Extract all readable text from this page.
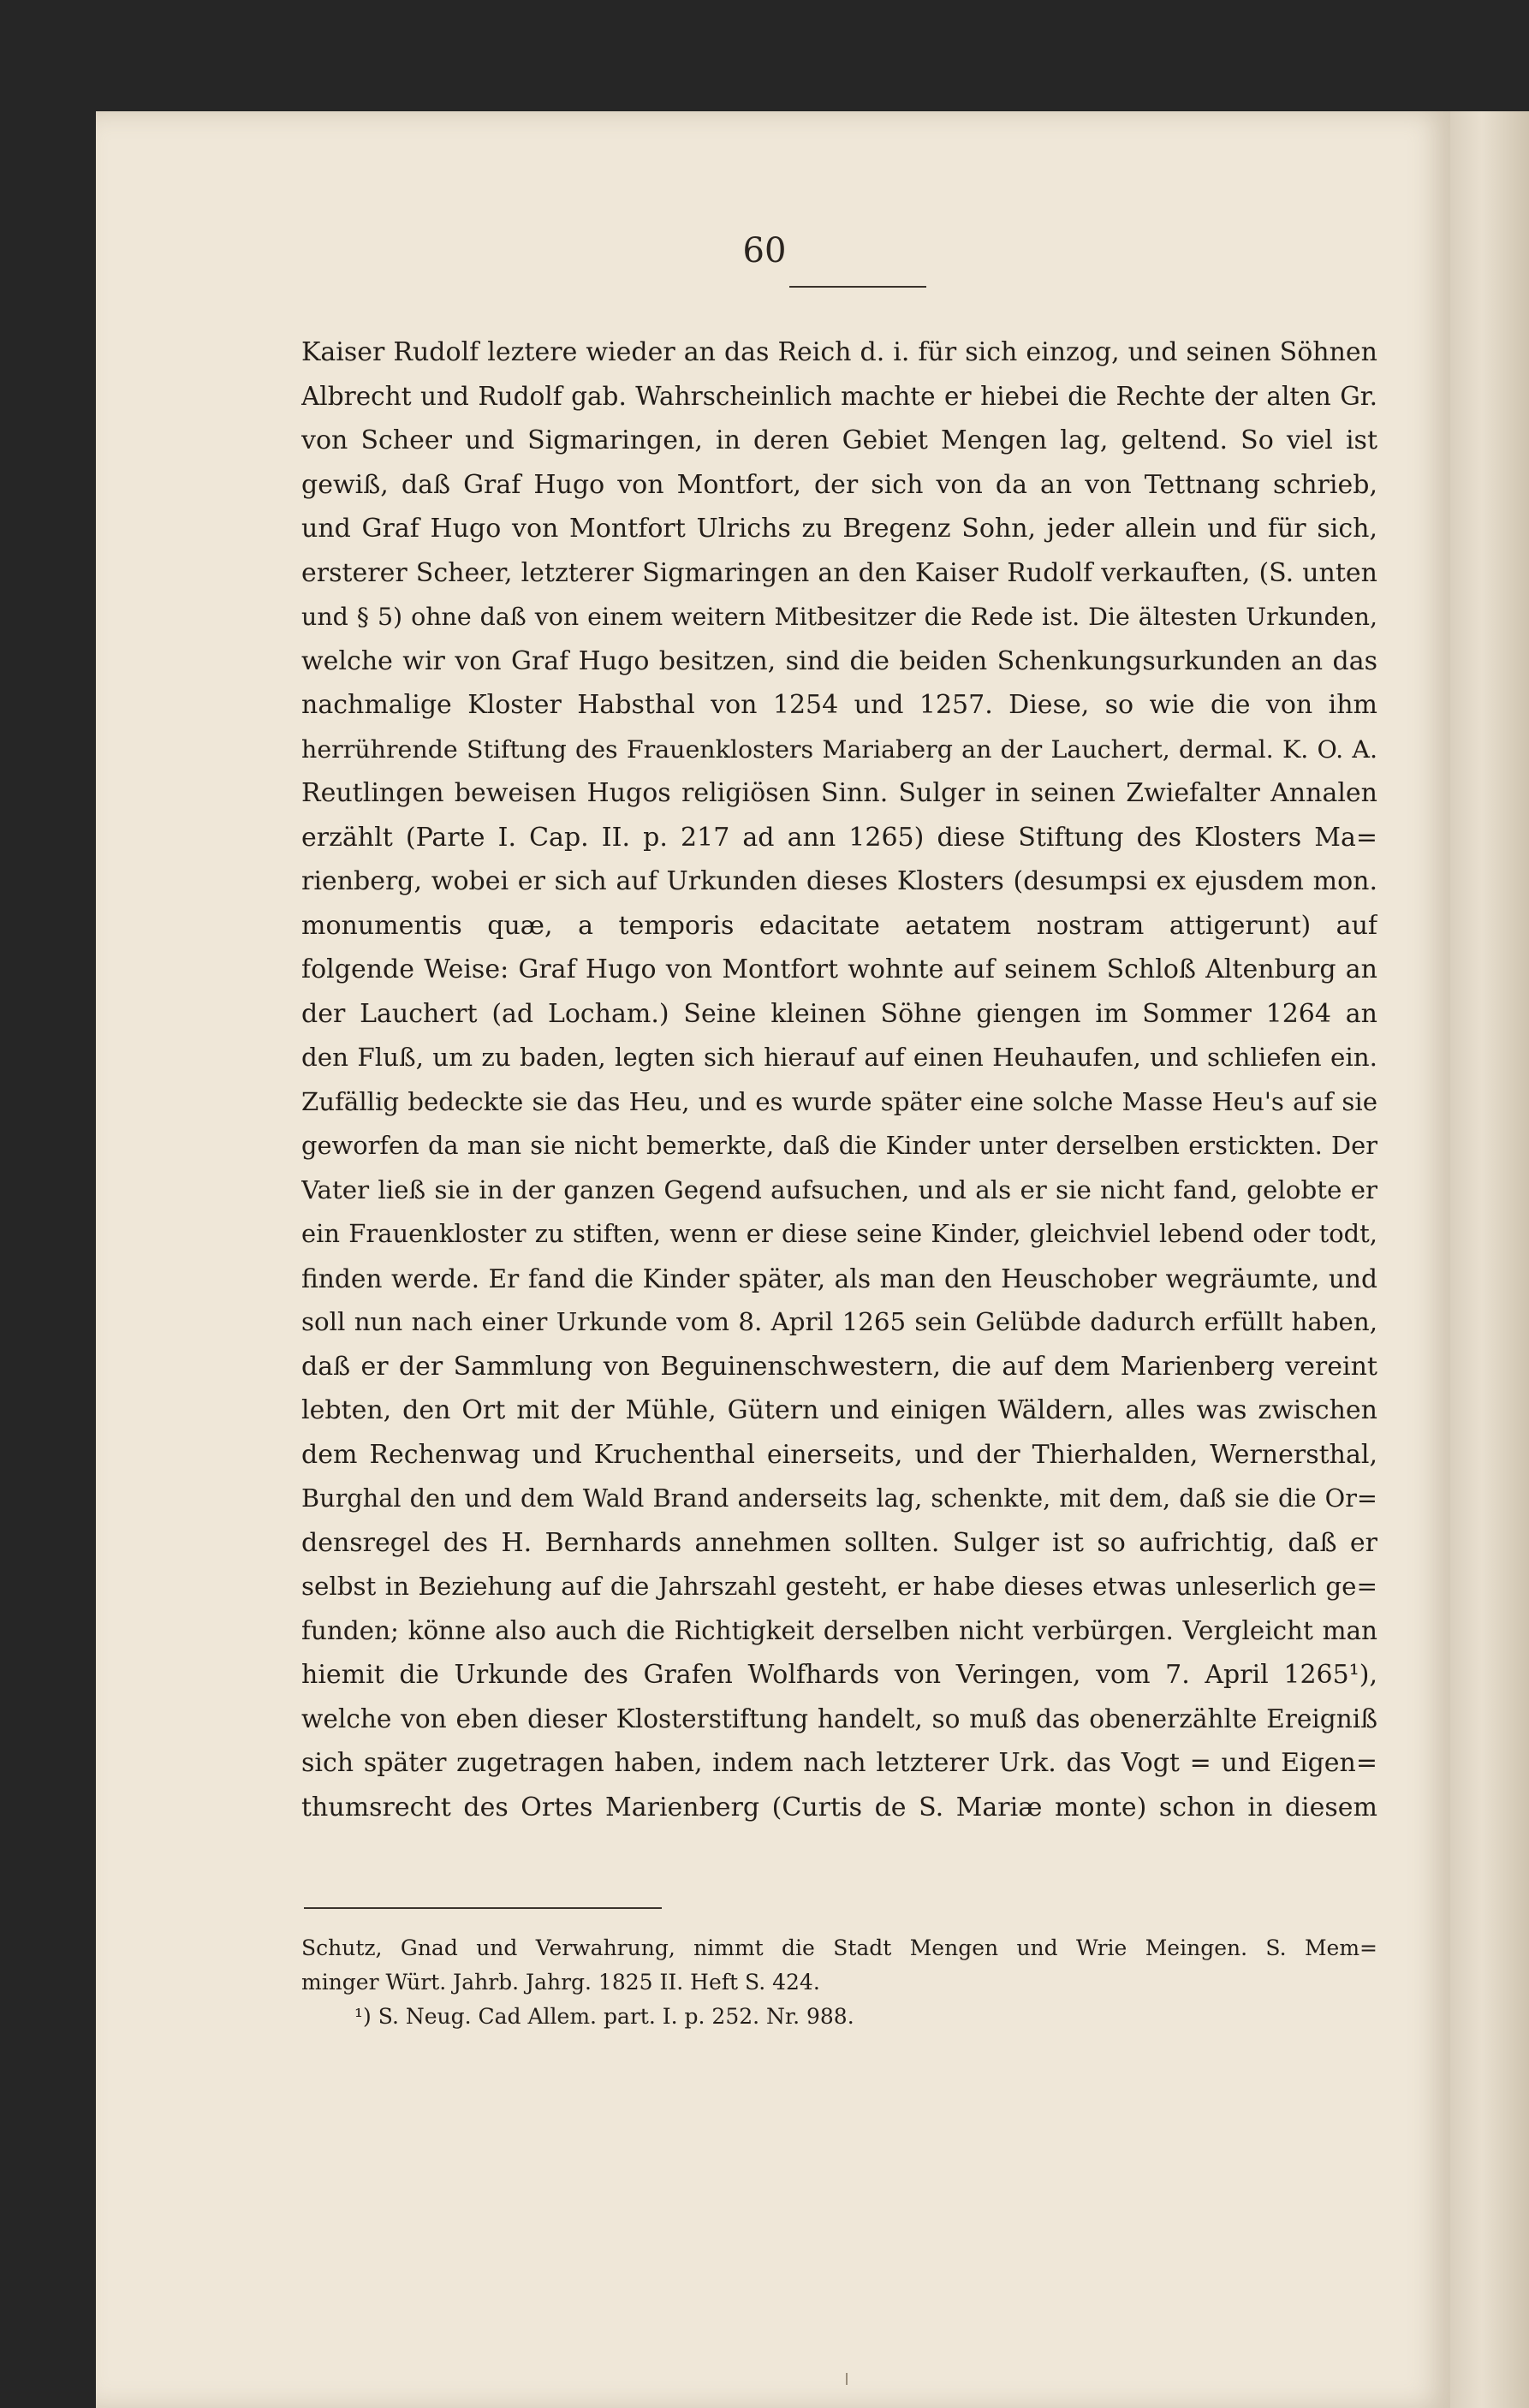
60
Kaiser Rudolf leztere wieder an das Reich d. i. für sich einzog, und seinen Söhnen
Albrecht und Rudolf gab. Wahrscheinlich machte er hiebei die Rechte der alten Gr.
von Scheer und Sigmaringen, in deren Gebiet Mengen lag, geltend. So viel ist
gewiß, daß Graf Hugo von Montfort, der sich von da an von Tettnang schrieb,
und Graf Hugo von Montfort Ulrichs zu Bregenz Sohn, jeder allein und für sich,
ersterer Scheer, letzterer Sigmaringen an den Kaiser Rudolf verkauften, (S. unten
und § 5) ohne daß von einem weitern Mitbesitzer die Rede ist. Die ältesten Urkunden,
welche wir von Graf Hugo besitzen, sind die beiden Schenkungsurkunden an das
nachmalige Kloster Habsthal von 1254 und 1257. Diese, so wie die von ihm
herrührende Stiftung des Frauenklosters Mariaberg an der Lauchert, dermal. K. O. A.
Reutlingen beweisen Hugos religiösen Sinn. Sulger in seinen Zwiefalter Annalen
erzählt (Parte I. Cap. II. p. 217 ad ann 1265) diese Stiftung des Klosters Ma=
rienberg, wobei er sich auf Urkunden dieses Klosters (desumpsi ex ejusdem mon.
monumentis quæ, a temporis edacitate aetatem nostram attigerunt) auf
folgende Weise: Graf Hugo von Montfort wohnte auf seinem Schloß Altenburg an
der Lauchert (ad Locham.) Seine kleinen Söhne giengen im Sommer 1264 an
den Fluß, um zu baden, legten sich hierauf auf einen Heuhaufen, und schliefen ein.
Zufällig bedeckte sie das Heu, und es wurde später eine solche Masse Heu's auf sie
geworfen da man sie nicht bemerkte, daß die Kinder unter derselben erstickten. Der
Vater ließ sie in der ganzen Gegend aufsuchen, und als er sie nicht fand, gelobte er
ein Frauenkloster zu stiften, wenn er diese seine Kinder, gleichviel lebend oder todt,
finden werde. Er fand die Kinder später, als man den Heuschober wegräumte, und
soll nun nach einer Urkunde vom 8. April 1265 sein Gelübde dadurch erfüllt haben,
daß er der Sammlung von Beguinenschwestern, die auf dem Marienberg vereint
lebten, den Ort mit der Mühle, Gütern und einigen Wäldern, alles was zwischen
dem Rechenwag und Kruchenthal einerseits, und der Thierhalden, Wernersthal,
Burghal den und dem Wald Brand anderseits lag, schenkte, mit dem, daß sie die Or=
densregel des H. Bernhards annehmen sollten. Sulger ist so aufrichtig, daß er
selbst in Beziehung auf die Jahrszahl gesteht, er habe dieses etwas unleserlich ge=
funden; könne also auch die Richtigkeit derselben nicht verbürgen. Vergleicht man
hiemit die Urkunde des Grafen Wolfhards von Veringen, vom 7. April 1265¹),
welche von eben dieser Klosterstiftung handelt, so muß das obenerzählte Ereigniß
sich später zugetragen haben, indem nach letzterer Urk. das Vogt = und Eigen=
thumsrecht des Ortes Marienberg (Curtis de S. Mariæ monte) schon in diesem
Schutz, Gnad und Verwahrung, nimmt die Stadt Mengen und Wrie Meingen. S. Mem=
minger Würt. Jahrb. Jahrg. 1825 II. Heft S. 424.
¹) S. Neug. Cad Allem. part. I. p. 252. Nr. 988.
